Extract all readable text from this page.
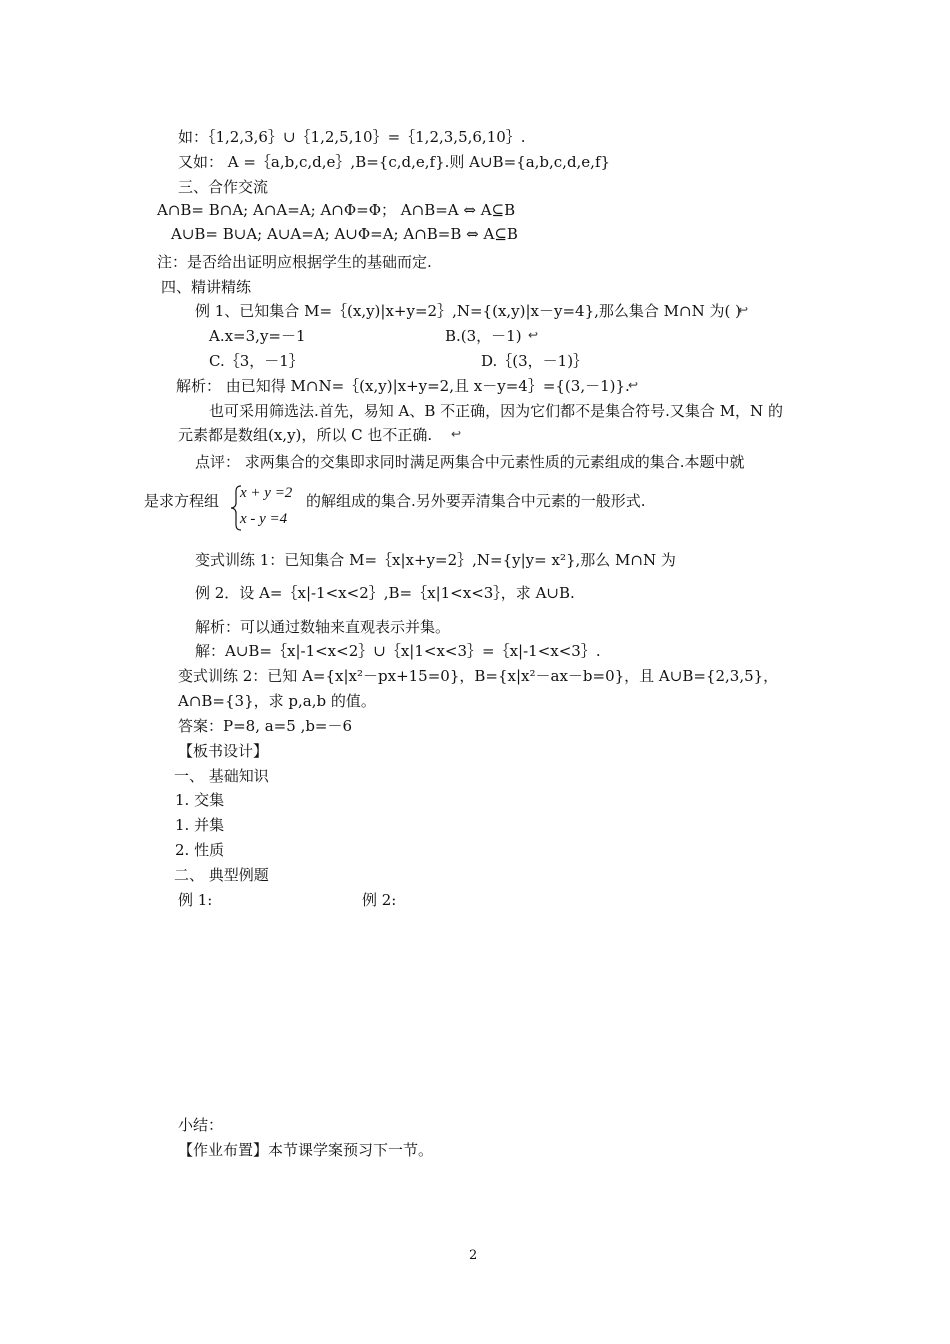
如：｛1,2,3,6｝∪｛1,2,5,10｝=｛1,2,3,5,6,10｝.
又如： A =｛a,b,c,d,e｝,B={c,d,e,f}.则 A∪B={a,b,c,d,e,f}
三、合作交流
A∩B= B∩A; A∩A=A; A∩Φ=Φ； A∩B=A ⇔ A⊆B
A∪B= B∪A; A∪A=A; A∪Φ=A; A∩B=B ⇔ A⊆B
注：是否给出证明应根据学生的基础而定.
四、精讲精练
例 1、已知集合 M=｛(x,y)|x+y=2｝,N={(x,y)|x－y=4},那么集合 M∩N 为( )
↩
A.x=3,y=－1	B.(3，－1) ↩
C.｛3，－1｝	D.｛(3，－1)｝
解析： 由已知得 M∩N=｛(x,y)|x+y=2,且 x－y=4｝={(3,－1)}.
↩
也可采用筛选法.首先，易知 A、B 不正确，因为它们都不是集合符号.又集合 M，N 的
元素都是数组(x,y)，所以 C 也不正确. ↩
点评： 求两集合的交集即求同时满足两集合中元素性质的元素组成的集合.本题中就
是求方程组 x + y =2
x - y =4
的解组成的集合.另外要弄清集合中元素的一般形式.
变式训练 1：已知集合 M=｛x|x+y=2｝,N={y|y= x²},那么 M∩N 为
例 2．设 A=｛x|-1<x<2｝,B=｛x|1<x<3｝，求 A∪B.
解析：可以通过数轴来直观表示并集。
解：A∪B=｛x|-1<x<2｝∪｛x|1<x<3｝=｛x|-1<x<3｝.
变式训练 2：已知 A={x|x²－px+15=0}，B={x|x²－ax－b=0}，且 A∪B={2,3,5}，
A∩B={3}，求 p,a,b 的值。
答案：P=8, a=5 ,b=－6
【板书设计】
一、 基础知识
1. 交集
1. 并集
2. 性质
二、 典型例题
例 1:	例 2:
小结：
【作业布置】本节课学案预习下一节。
2
